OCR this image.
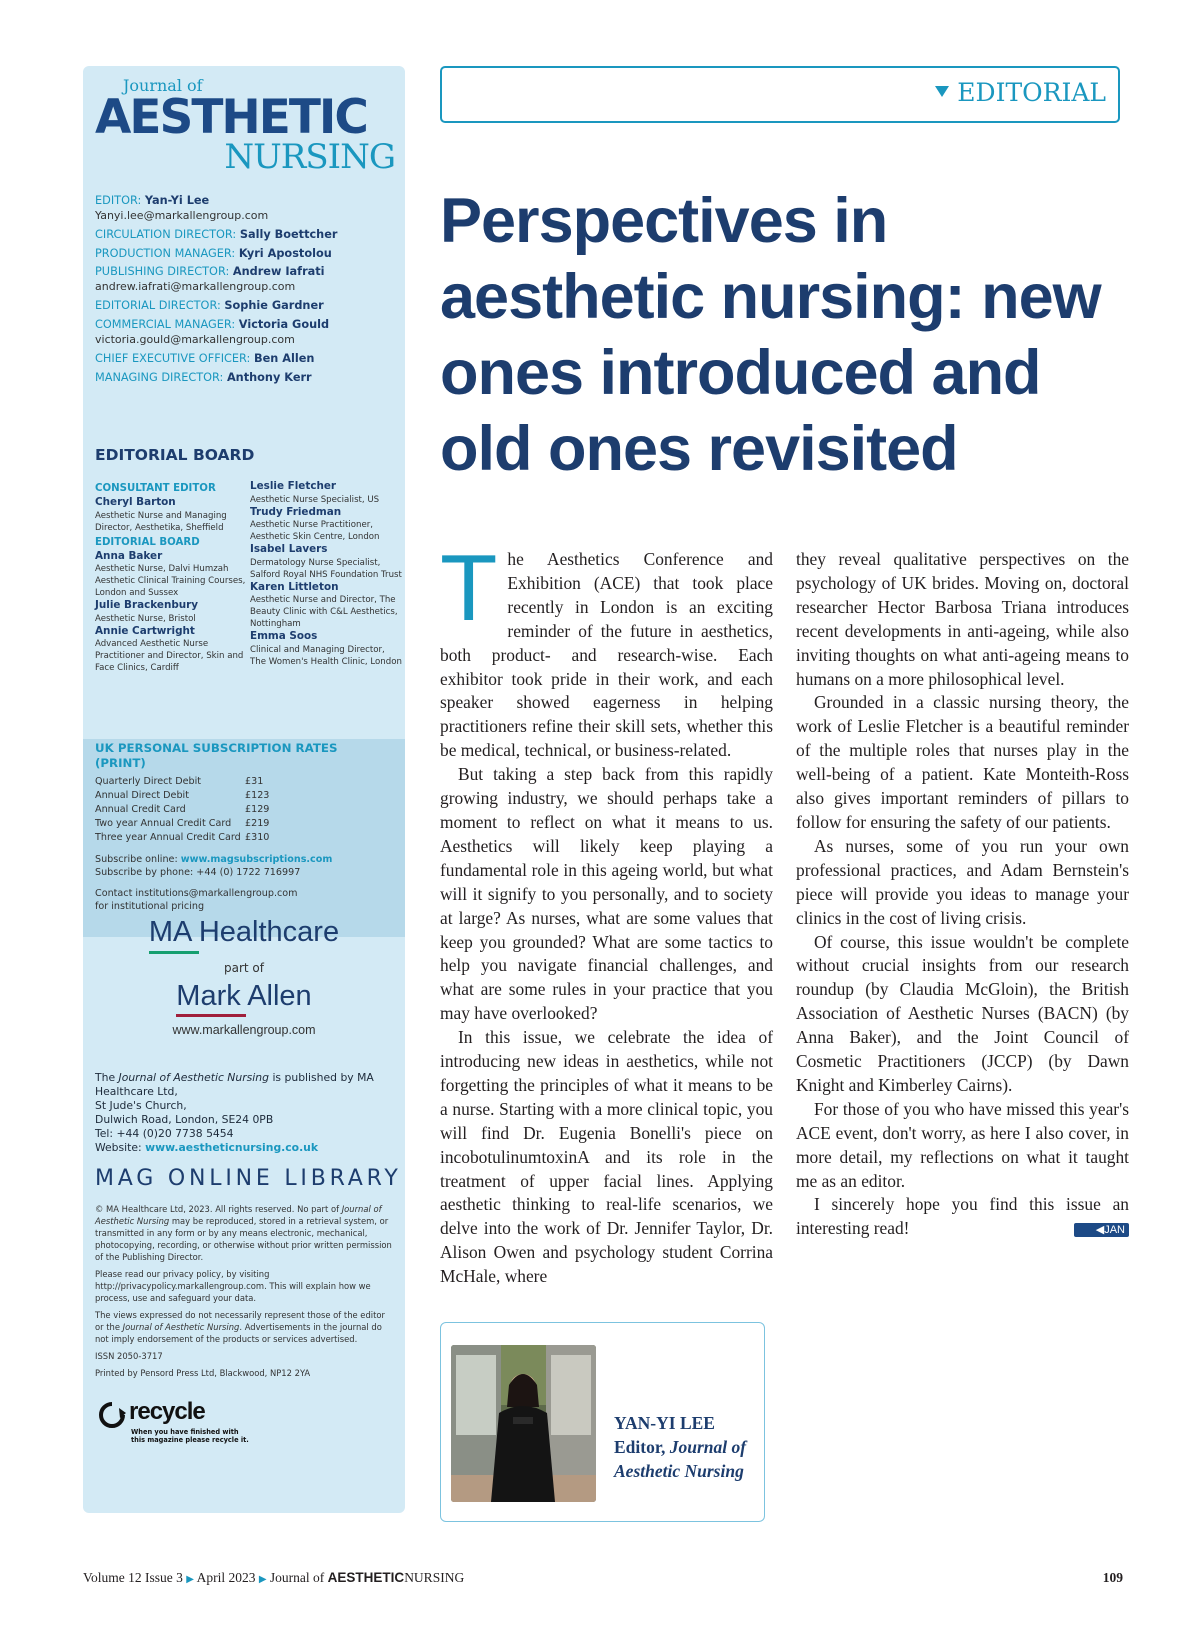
Journal of
AESTHETIC
NURSING
EDITOR: Yan-Yi Lee
Yanyi.lee@markallengroup.com
CIRCULATION DIRECTOR: Sally Boettcher
PRODUCTION MANAGER: Kyri Apostolou
PUBLISHING DIRECTOR: Andrew Iafrati
andrew.iafrati@markallengroup.com
EDITORIAL DIRECTOR: Sophie Gardner
COMMERCIAL MANAGER: Victoria Gould
victoria.gould@markallengroup.com
CHIEF EXECUTIVE OFFICER: Ben Allen
MANAGING DIRECTOR: Anthony Kerr
EDITORIAL BOARD
CONSULTANT EDITOR
Cheryl Barton
Aesthetic Nurse and Managing Director, Aesthetika, Sheffield
EDITORIAL BOARD
Anna Baker
Aesthetic Nurse, Dalvi Humzah Aesthetic Clinical Training Courses, London and Sussex
Julie Brackenbury
Aesthetic Nurse, Bristol
Annie Cartwright
Advanced Aesthetic Nurse Practitioner and Director, Skin and Face Clinics, Cardiff
Leslie Fletcher
Aesthetic Nurse Specialist, US
Trudy Friedman
Aesthetic Nurse Practitioner, Aesthetic Skin Centre, London
Isabel Lavers
Dermatology Nurse Specialist, Salford Royal NHS Foundation Trust
Karen Littleton
Aesthetic Nurse and Director, The Beauty Clinic with C&L Aesthetics, Nottingham
Emma Soos
Clinical and Managing Director, The Women's Health Clinic, London
UK PERSONAL SUBSCRIPTION RATES (PRINT)
Quarterly Direct Debit	£31
Annual Direct Debit	£123
Annual Credit Card	£129
Two year Annual Credit Card	£219
Three year Annual Credit Card £310

Subscribe online: www.magsubscriptions.com
Subscribe by phone: +44 (0) 1722 716997

Contact institutions@markallengroup.com
for institutional pricing

MA Healthcare
part of
Mark Allen
www.markallengroup.com
The Journal of Aesthetic Nursing is published by MA Healthcare Ltd,
St Jude's Church,
Dulwich Road, London, SE24 0PB
Tel: +44 (0)20 7738 5454
Website: www.aestheticnursing.co.uk
MAG ONLINE LIBRARY

© MA Healthcare Ltd, 2023. All rights reserved. No part of Journal of Aesthetic Nursing may be reproduced, stored in a retrieval system, or transmitted in any form or by any means electronic, mechanical, photocopying, recording, or otherwise without prior written permission of the Publishing Director.

Please read our privacy policy, by visiting http://privacypolicy.markallengroup.com. This will explain how we process, use and safeguard your data.

The views expressed do not necessarily represent those of the editor or the Journal of Aesthetic Nursing. Advertisements in the journal do not imply endorsement of the products or services advertised.

ISSN 2050-3717

Printed by Pensord Press Ltd, Blackwood, NP12 2YA

recycle
When you have finished with this magazine please recycle it.
EDITORIAL
Perspectives in aesthetic nursing: new ones introduced and old ones revisited

The Aesthetics Conference and Exhibition (ACE) that took place recently in London is an exciting reminder of the future in aesthetics, both product- and research-wise. Each exhibitor took pride in their work, and each speaker showed eagerness in helping practitioners refine their skill sets, whether this be medical, technical, or business-related.

But taking a step back from this rapidly growing industry, we should perhaps take a moment to reflect on what it means to us. Aesthetics will likely keep playing a fundamental role in this ageing world, but what will it signify to you personally, and to society at large? As nurses, what are some values that keep you grounded? What are some tactics to help you navigate financial challenges, and what are some rules in your practice that you may have overlooked?

In this issue, we celebrate the idea of introducing new ideas in aesthetics, while not forgetting the principles of what it means to be a nurse. Starting with a more clinical topic, you will find Dr. Eugenia Bonelli's piece on incobotulinumtoxinA and its role in the treatment of upper facial lines. Applying aesthetic thinking to real-life scenarios, we delve into the work of Dr. Jennifer Taylor, Dr. Alison Owen and psychology student Corrina McHale, where

they reveal qualitative perspectives on the psychology of UK brides. Moving on, doctoral researcher Hector Barbosa Triana introduces recent developments in anti-ageing, while also inviting thoughts on what anti-ageing means to humans on a more philosophical level.

Grounded in a classic nursing theory, the work of Leslie Fletcher is a beautiful reminder of the multiple roles that nurses play in the well-being of a patient. Kate Monteith-Ross also gives important reminders of pillars to follow for ensuring the safety of our patients.

As nurses, some of you run your own professional practices, and Adam Bernstein's piece will provide you ideas to manage your clinics in the cost of living crisis.

Of course, this issue wouldn't be complete without crucial insights from our research roundup (by Claudia McGloin), the British Association of Aesthetic Nurses (BACN) (by Anna Baker), and the Joint Council of Cosmetic Practitioners (JCCP) (by Dawn Knight and Kimberley Cairns).

For those of you who have missed this year's ACE event, don't worry, as here I also cover, in more detail, my reflections on what it taught me as an editor.

I sincerely hope you find this issue an interesting read!	◀JAN

YAN-YI LEE
Editor, Journal of Aesthetic Nursing
Volume 12 Issue 3 ▶ April 2023 ▶ Journal of AESTHETICNURSING	109
